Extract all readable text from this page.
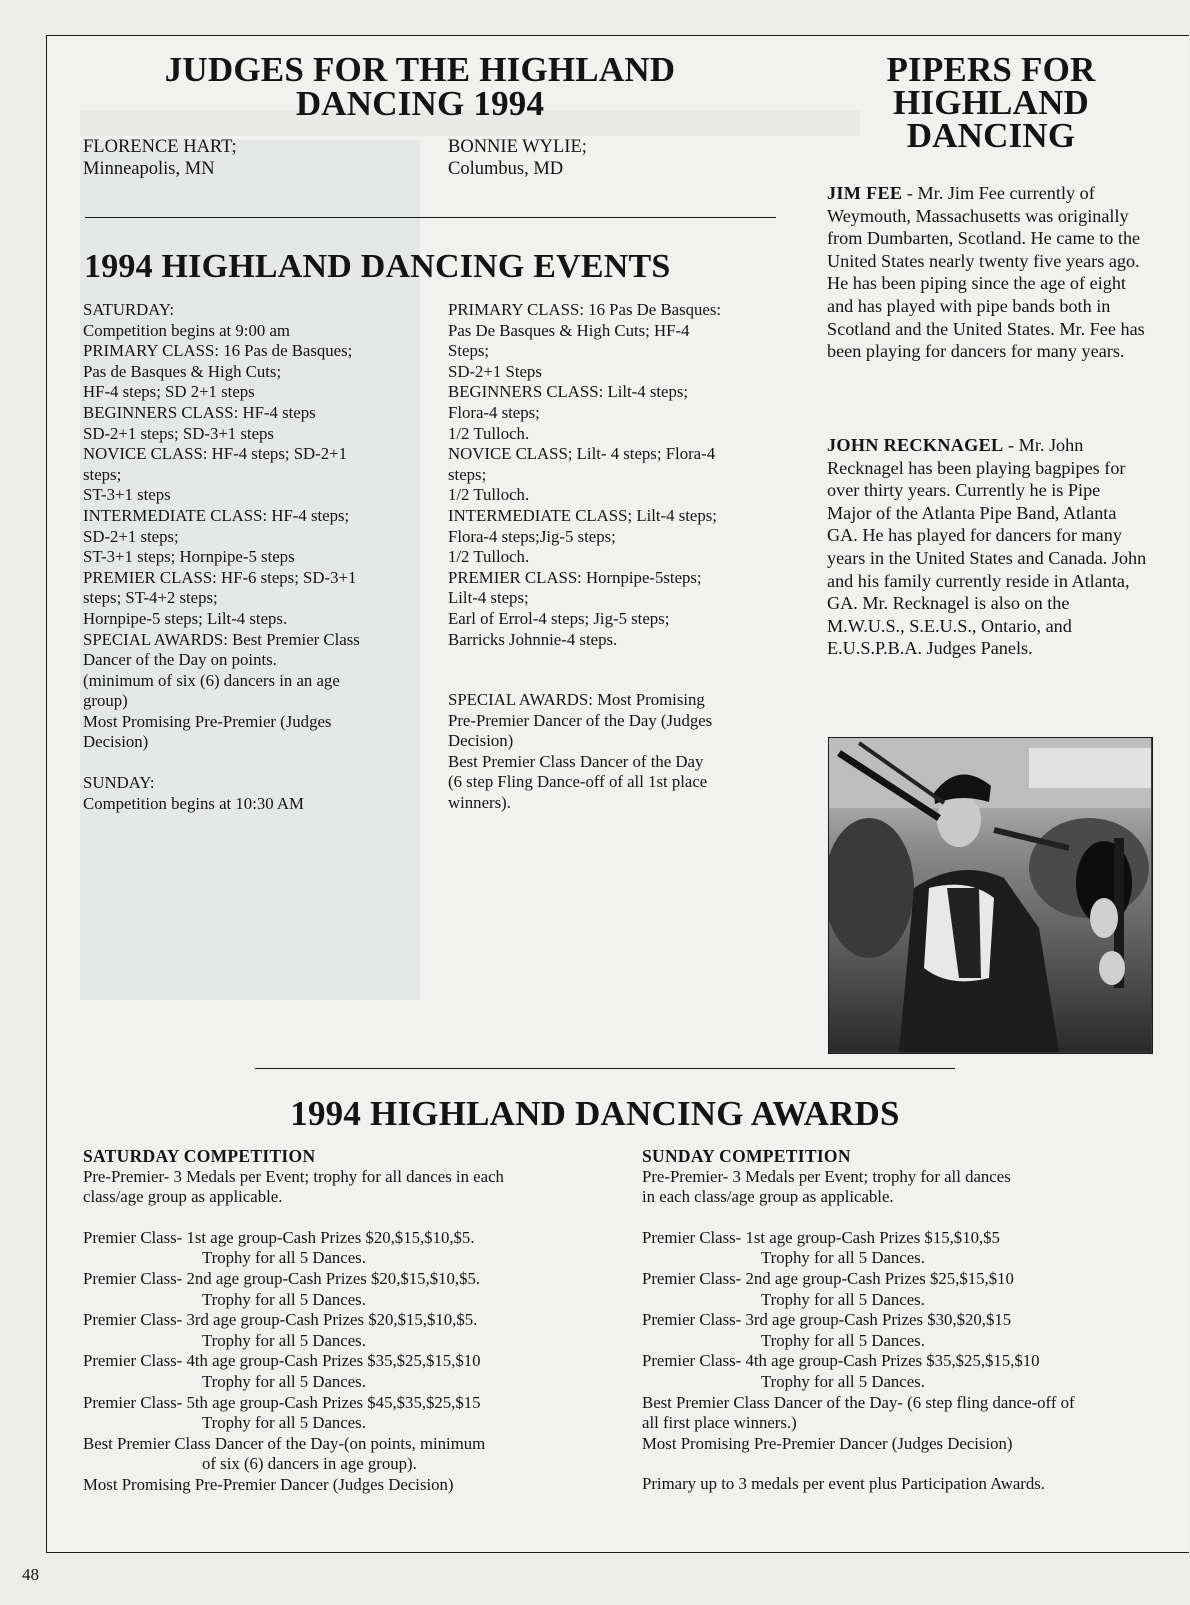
JUDGES FOR THE HIGHLAND
DANCING 1994
FLORENCE HART;
Minneapolis, MN
BONNIE WYLIE;
Columbus, MD
1994 HIGHLAND DANCING EVENTS
SATURDAY:
Competition begins at 9:00 am
PRIMARY CLASS: 16 Pas de Basques;
Pas de Basques & High Cuts;
HF-4 steps; SD 2+1 steps
BEGINNERS CLASS: HF-4 steps
SD-2+1 steps; SD-3+1 steps
NOVICE CLASS: HF-4 steps; SD-2+1
steps;
ST-3+1 steps
INTERMEDIATE CLASS: HF-4 steps;
SD-2+1 steps;
ST-3+1 steps; Hornpipe-5 steps
PREMIER CLASS: HF-6 steps; SD-3+1
steps; ST-4+2 steps;
Hornpipe-5 steps; Lilt-4 steps.
SPECIAL AWARDS: Best Premier Class
Dancer of the Day on points.
(minimum of six (6) dancers in an age
group)
Most Promising Pre-Premier (Judges
Decision)
SUNDAY:
Competition begins at 10:30 AM
PRIMARY CLASS: 16 Pas De Basques:
Pas De Basques & High Cuts; HF-4
Steps;
SD-2+1 Steps
BEGINNERS CLASS: Lilt-4 steps;
Flora-4 steps;
1/2 Tulloch.
NOVICE CLASS; Lilt- 4 steps; Flora-4
steps;
1/2 Tulloch.
INTERMEDIATE CLASS; Lilt-4 steps;
Flora-4 steps;Jig-5 steps;
1/2 Tulloch.
PREMIER CLASS: Hornpipe-5steps;
Lilt-4 steps;
Earl of Errol-4 steps; Jig-5 steps;
Barricks Johnnie-4 steps.
SPECIAL AWARDS: Most Promising
Pre-Premier Dancer of the Day (Judges
Decision)
Best Premier Class Dancer of the Day
(6 step Fling Dance-off of all 1st place
winners).
PIPERS FOR
HIGHLAND
DANCING

JIM FEE - Mr. Jim Fee currently of Weymouth, Massachusetts was originally from Dumbarten, Scotland. He came to the United States nearly twenty five years ago. He has been piping since the age of eight and has played with pipe bands both in Scotland and the United States. Mr. Fee has been playing for dancers for many years.

JOHN RECKNAGEL - Mr. John Recknagel has been playing bagpipes for over thirty years. Currently he is Pipe Major of the Atlanta Pipe Band, Atlanta GA. He has played for dancers for many years in the United States and Canada. John and his family currently reside in Atlanta, GA. Mr. Recknagel is also on the M.W.U.S., S.E.U.S., Ontario, and E.U.S.P.B.A. Judges Panels.

1994 HIGHLAND DANCING AWARDS
SATURDAY COMPETITION
Pre-Premier- 3 Medals per Event; trophy for all dances in each
class/age group as applicable.
Premier Class- 1st age group-Cash Prizes $20,$15,$10,$5.
Trophy for all 5 Dances.
Premier Class- 2nd age group-Cash Prizes $20,$15,$10,$5.
Trophy for all 5 Dances.
Premier Class- 3rd age group-Cash Prizes $20,$15,$10,$5.
Trophy for all 5 Dances.
Premier Class- 4th age group-Cash Prizes $35,$25,$15,$10
Trophy for all 5 Dances.
Premier Class- 5th age group-Cash Prizes $45,$35,$25,$15
Trophy for all 5 Dances.
Best Premier Class Dancer of the Day-(on points, minimum
of six (6) dancers in age group).
Most Promising Pre-Premier Dancer (Judges Decision)
SUNDAY COMPETITION
Pre-Premier- 3 Medals per Event; trophy for all dances
in each class/age group as applicable.
Premier Class- 1st age group-Cash Prizes $15,$10,$5
Trophy for all 5 Dances.
Premier Class- 2nd age group-Cash Prizes $25,$15,$10
Trophy for all 5 Dances.
Premier Class- 3rd age group-Cash Prizes $30,$20,$15
Trophy for all 5 Dances.
Premier Class- 4th age group-Cash Prizes $35,$25,$15,$10
Trophy for all 5 Dances.
Best Premier Class Dancer of the Day- (6 step fling dance-off of
all first place winners.)
Most Promising Pre-Premier Dancer (Judges Decision)
Primary up to 3 medals per event plus Participation Awards.
48
